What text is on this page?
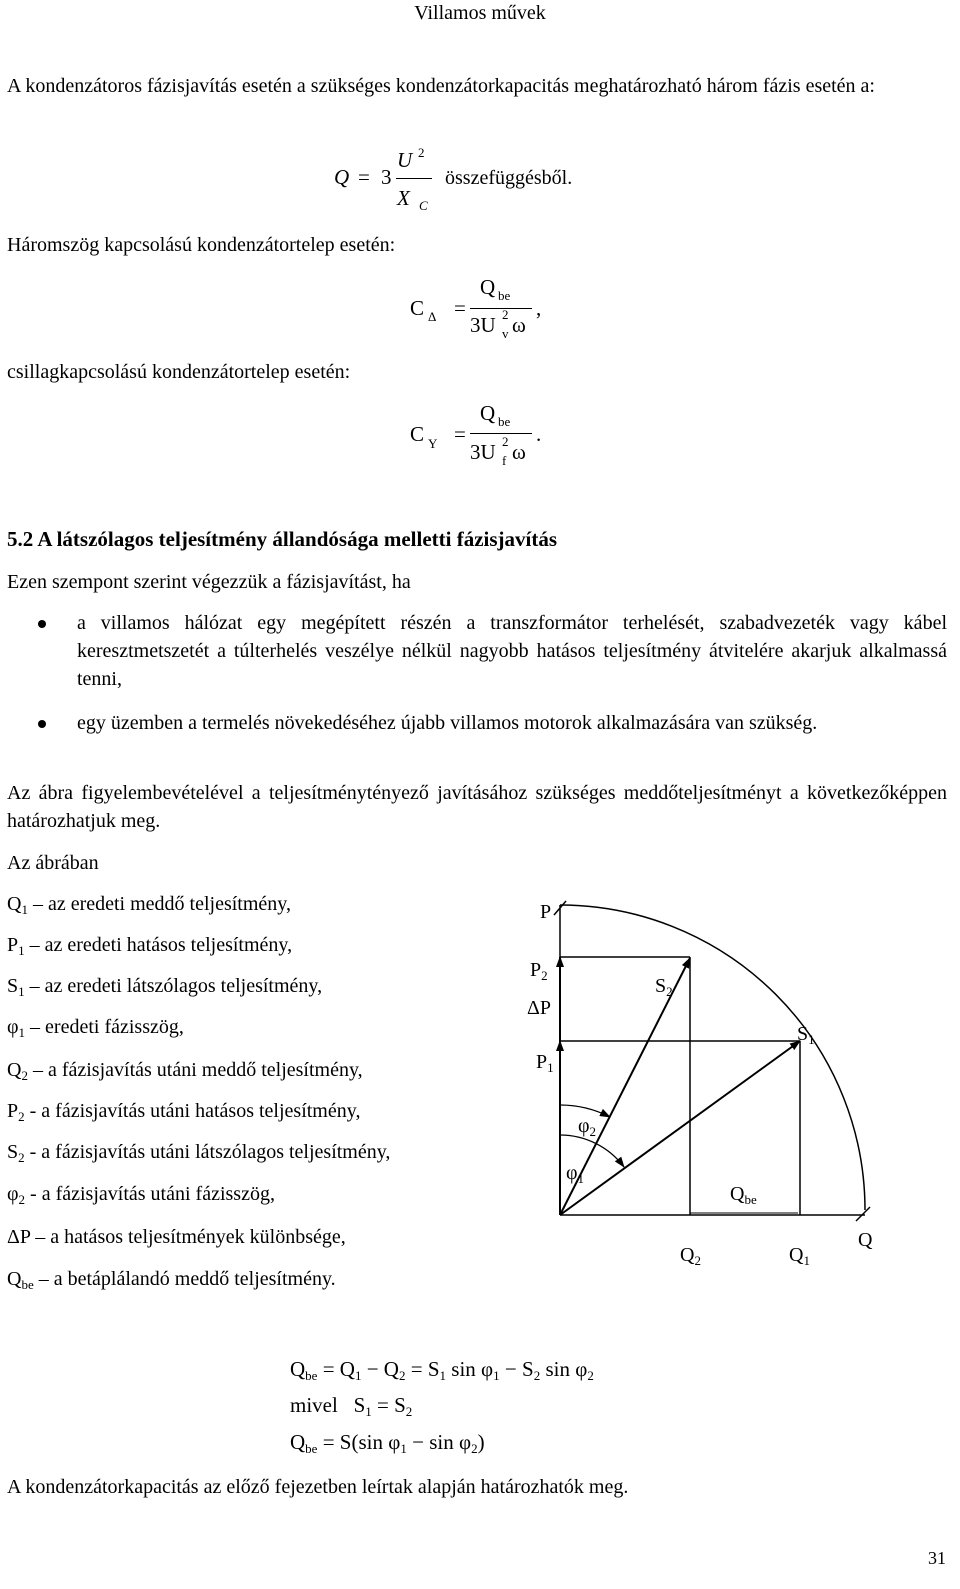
Villamos művek
A kondenzátoros fázisjavítás esetén a szükséges kondenzátorkapacitás meghatározható három fázis esetén a:
Q = 3
U 2
X C
összefüggésből.
Háromszög kapcsolású kondenzátortelep esetén:
C Δ =
Q be
3U 2
v ω
,
csillagkapcsolású kondenzátortelep esetén:
C Y =
Q be
3U 2
f ω
.
5.2 A látszólagos teljesítmény állandósága melletti fázisjavítás
Ezen szempont szerint végezzük a fázisjavítást, ha
a villamos hálózat egy megépített részén a transzformátor terhelését, szabadvezeték vagy kábel keresztmetszetét a túlterhelés veszélye nélkül nagyobb hatásos teljesítmény átvitelére akarjuk alkalmassá tenni,
egy üzemben a termelés növekedéséhez újabb villamos motorok alkalmazására van szükség.
Az ábra figyelembevételével a teljesítménytényező javításához szükséges meddőteljesítményt a következőképpen határozhatjuk meg.
Az ábrában
$Q_1$ – az eredeti meddő teljesítmény,
$P_1$ – az eredeti hatásos teljesítmény,
$S_1$ – az eredeti látszólagos teljesítmény,
$\varphi_1$ – eredeti fázisszög,
$Q_2$ – a fázisjavítás utáni meddő teljesítmény,
$P_2$ - a fázisjavítás utáni hatásos teljesítmény,
$S_2$ - a fázisjavítás utáni látszólagos teljesítmény,
$\varphi_2$ - a fázisjavítás utáni fázisszög,
ΔP – a hatásos teljesítmények különbsége,
$Q_{be}$ – a betáplálandó meddő teljesítmény.
P
$P_2$
ΔP
$P_1$
$S_2$
$S_1$
$\varphi_2$
$\varphi_1$
$Q_{be}$
$Q_2$	$Q_1$
Q
$Q_{be} = Q_1 - Q_2 = S_1$ $\sin \varphi_1 - S_2$ $\sin \varphi_2$
mivel $S_1 = S_2$
$Q_{be} = S(\sin$ $\varphi_1 - \sin \varphi_2$)
A kondenzátorkapacitás az előző fejezetben leírtak alapján határozhatók meg.
31
